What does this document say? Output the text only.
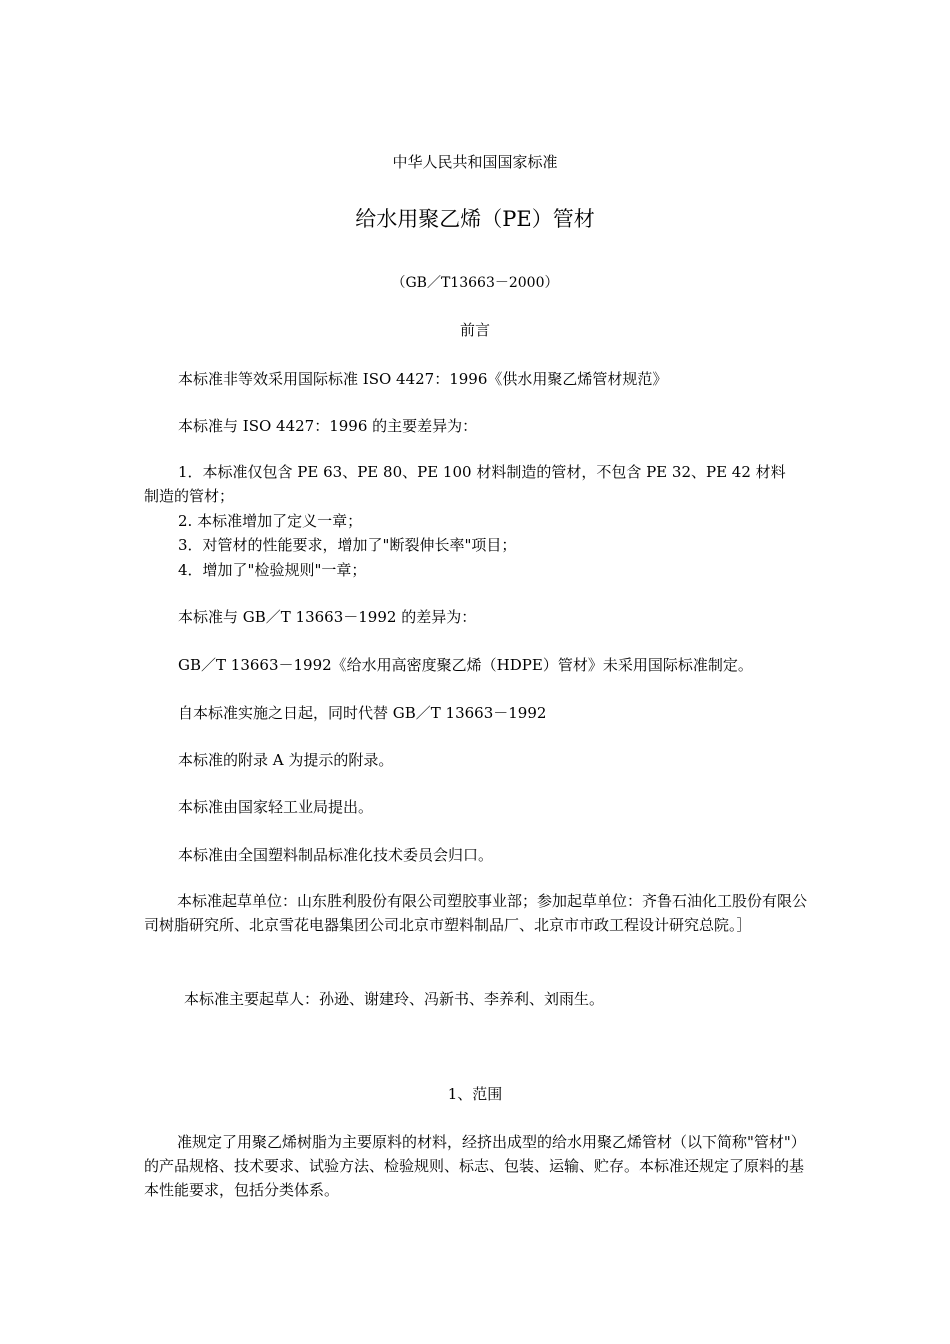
中华人民共和国国家标准
给水用聚乙烯（PE）管材
（GB／T13663－2000）
前言
本标准非等效采用国际标准 ISO 4427：1996《供水用聚乙烯管材规范》
本标准与 ISO 4427：1996 的主要差异为：
1．本标准仅包含 PE 63、PE 80、PE 100 材料制造的管材，不包含 PE 32、PE 42 材料
制造的管材；
2. 本标准增加了定义一章；
3．对管材的性能要求，增加了"断裂伸长率"项目；
4．增加了"检验规则"一章；
本标准与 GB／T 13663－1992 的差异为：
GB／T 13663－1992《给水用高密度聚乙烯（HDPE）管材》未采用国际标准制定。
自本标准实施之日起，同时代替 GB／T 13663－1992
本标准的附录 A 为提示的附录。
本标准由国家轻工业局提出。
本标准由全国塑料制品标准化技术委员会归口。
本标准起草单位：山东胜利股份有限公司塑胶事业部；参加起草单位：齐鲁石油化工股份有限公司树脂研究所、北京雪花电器集团公司北京市塑料制品厂、北京市市政工程设计研究总院。］
本标准主要起草人：孙逊、谢建玲、冯新书、李养利、刘雨生。
1、范围
准规定了用聚乙烯树脂为主要原料的材料，经挤出成型的给水用聚乙烯管材（以下简称"管材"）的产品规格、技术要求、试验方法、检验规则、标志、包装、运输、贮存。本标准还规定了原料的基本性能要求，包括分类体系。
